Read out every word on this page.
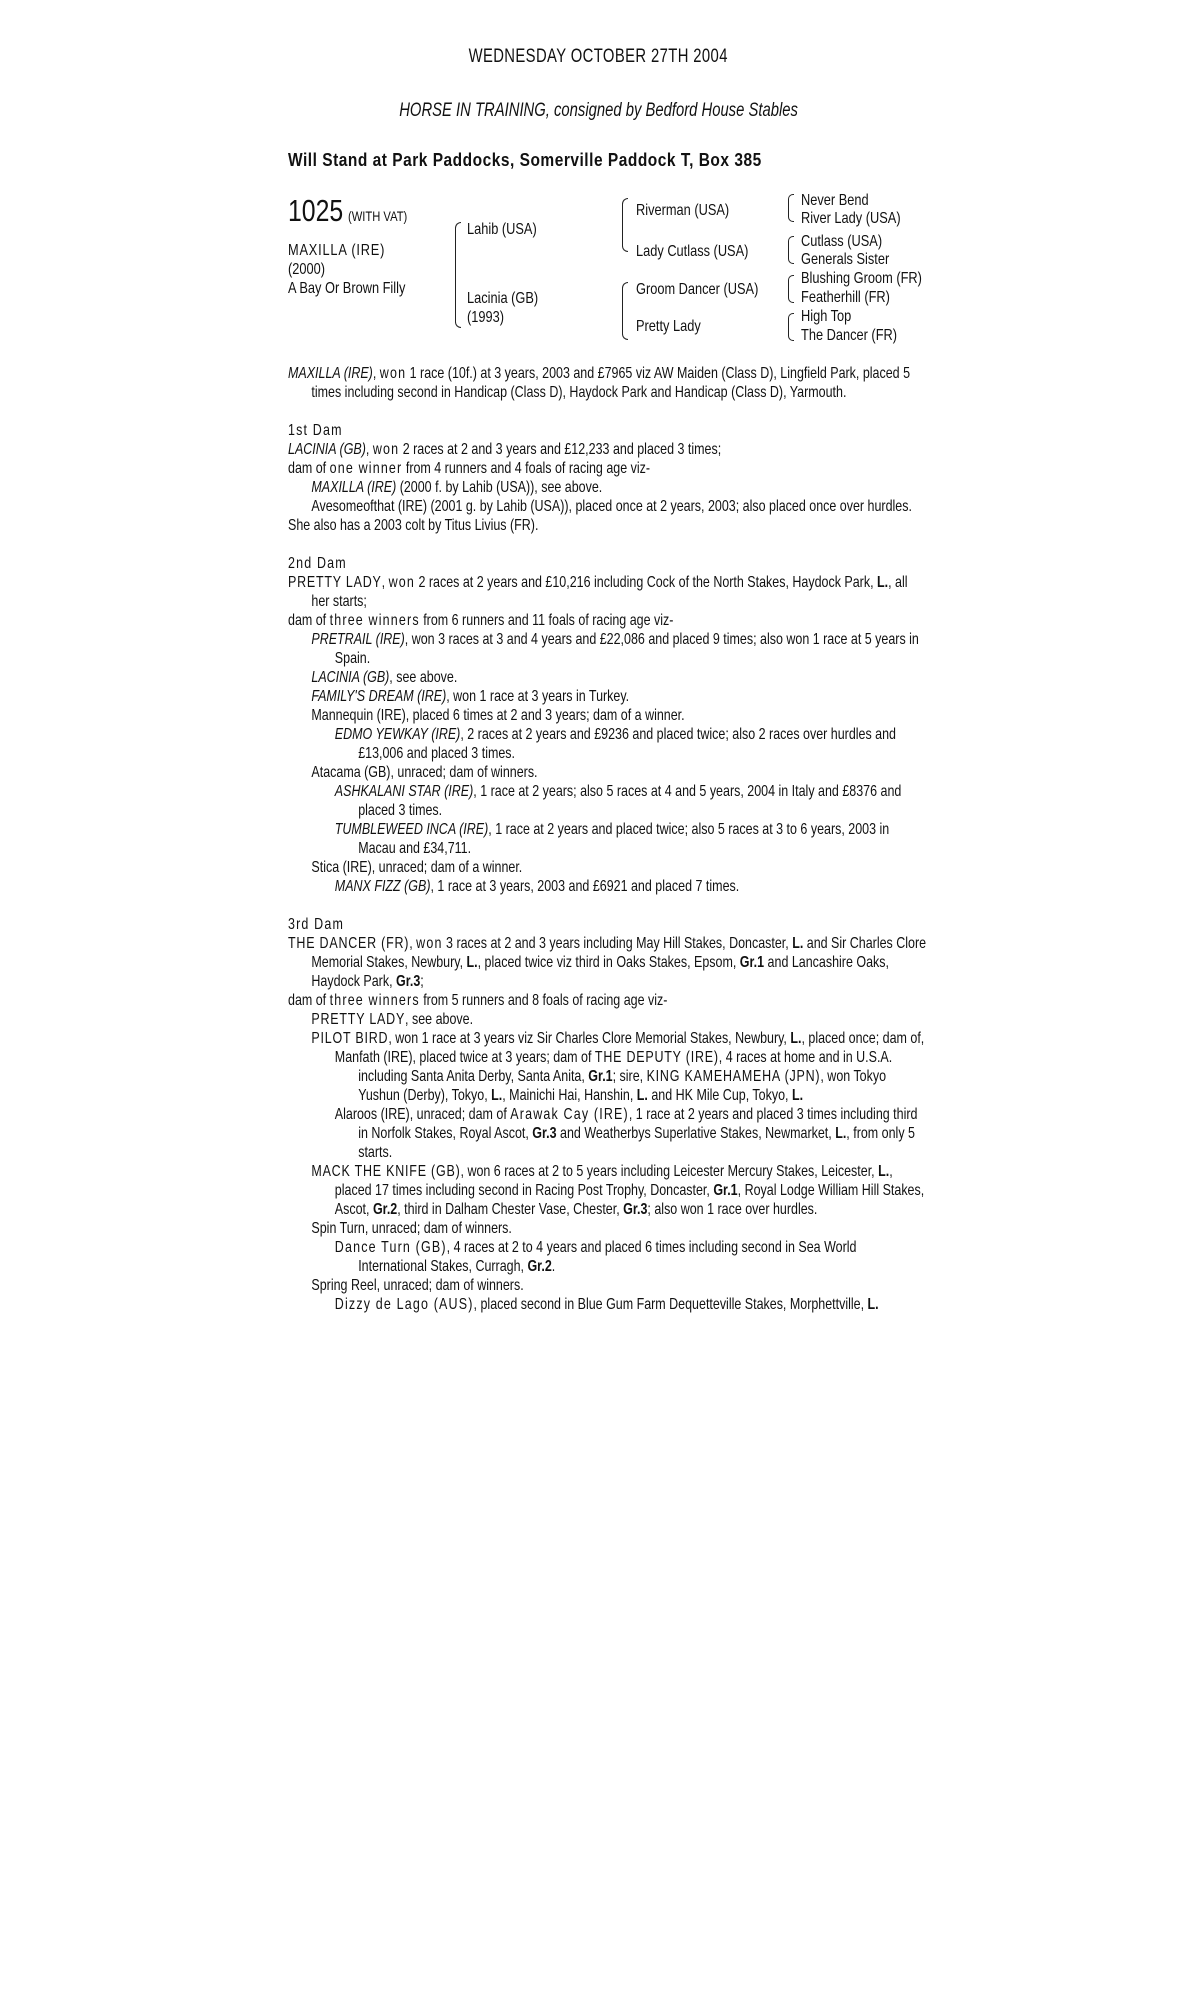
WEDNESDAY OCTOBER 27TH 2004
HORSE IN TRAINING, consigned by Bedford House Stables
Will Stand at Park Paddocks, Somerville Paddock T, Box 385
1025 (WITH VAT)
MAXILLA (IRE)
(2000)
A Bay Or Brown Filly
Lahib (USA)
Lacinia (GB)
(1993)
Riverman (USA)
Lady Cutlass (USA)
Groom Dancer (USA)
Pretty Lady
Never Bend
River Lady (USA)
Cutlass (USA)
Generals Sister
Blushing Groom (FR)
Featherhill (FR)
High Top
The Dancer (FR)

MAXILLA (IRE), won 1 race (10f.) at 3 years, 2003 and £7965 viz AW Maiden (Class D), Lingfield Park, placed 5 times including second in Handicap (Class D), Haydock Park and Handicap (Class D), Yarmouth.

1st Dam

LACINIA (GB), won 2 races at 2 and 3 years and £12,233 and placed 3 times;

dam of one winner from 4 runners and 4 foals of racing age viz-

MAXILLA (IRE) (2000 f. by Lahib (USA)), see above.

Avesomeofthat (IRE) (2001 g. by Lahib (USA)), placed once at 2 years, 2003; also placed once over hurdles.

She also has a 2003 colt by Titus Livius (FR).

2nd Dam

PRETTY LADY, won 2 races at 2 years and £10,216 including Cock of the North Stakes, Haydock Park, L., all her starts;

dam of three winners from 6 runners and 11 foals of racing age viz-

PRETRAIL (IRE), won 3 races at 3 and 4 years and £22,086 and placed 9 times; also won 1 race at 5 years in Spain.

LACINIA (GB), see above.

FAMILY'S DREAM (IRE), won 1 race at 3 years in Turkey.

Mannequin (IRE), placed 6 times at 2 and 3 years; dam of a winner.

EDMO YEWKAY (IRE), 2 races at 2 years and £9236 and placed twice; also 2 races over hurdles and £13,006 and placed 3 times.

Atacama (GB), unraced; dam of winners.

ASHKALANI STAR (IRE), 1 race at 2 years; also 5 races at 4 and 5 years, 2004 in Italy and £8376 and placed 3 times.

TUMBLEWEED INCA (IRE), 1 race at 2 years and placed twice; also 5 races at 3 to 6 years, 2003 in Macau and £34,711.

Stica (IRE), unraced; dam of a winner.

MANX FIZZ (GB), 1 race at 3 years, 2003 and £6921 and placed 7 times.

3rd Dam

THE DANCER (FR), won 3 races at 2 and 3 years including May Hill Stakes, Doncaster, L. and Sir Charles Clore Memorial Stakes, Newbury, L., placed twice viz third in Oaks Stakes, Epsom, Gr.1 and Lancashire Oaks, Haydock Park, Gr.3;

dam of three winners from 5 runners and 8 foals of racing age viz-

PRETTY LADY, see above.

PILOT BIRD, won 1 race at 3 years viz Sir Charles Clore Memorial Stakes, Newbury, L., placed once; dam of,

Manfath (IRE), placed twice at 3 years; dam of THE DEPUTY (IRE), 4 races at home and in U.S.A. including Santa Anita Derby, Santa Anita, Gr.1; sire, KING KAMEHAMEHA (JPN), won Tokyo Yushun (Derby), Tokyo, L., Mainichi Hai, Hanshin, L. and HK Mile Cup, Tokyo, L.

Alaroos (IRE), unraced; dam of Arawak Cay (IRE), 1 race at 2 years and placed 3 times including third in Norfolk Stakes, Royal Ascot, Gr.3 and Weatherbys Superlative Stakes, Newmarket, L., from only 5 starts.

MACK THE KNIFE (GB), won 6 races at 2 to 5 years including Leicester Mercury Stakes, Leicester, L., placed 17 times including second in Racing Post Trophy, Doncaster, Gr.1, Royal Lodge William Hill Stakes, Ascot, Gr.2, third in Dalham Chester Vase, Chester, Gr.3; also won 1 race over hurdles.

Spin Turn, unraced; dam of winners.

Dance Turn (GB), 4 races at 2 to 4 years and placed 6 times including second in Sea World International Stakes, Curragh, Gr.2.

Spring Reel, unraced; dam of winners.

Dizzy de Lago (AUS), placed second in Blue Gum Farm Dequetteville Stakes, Morphettville, L.
